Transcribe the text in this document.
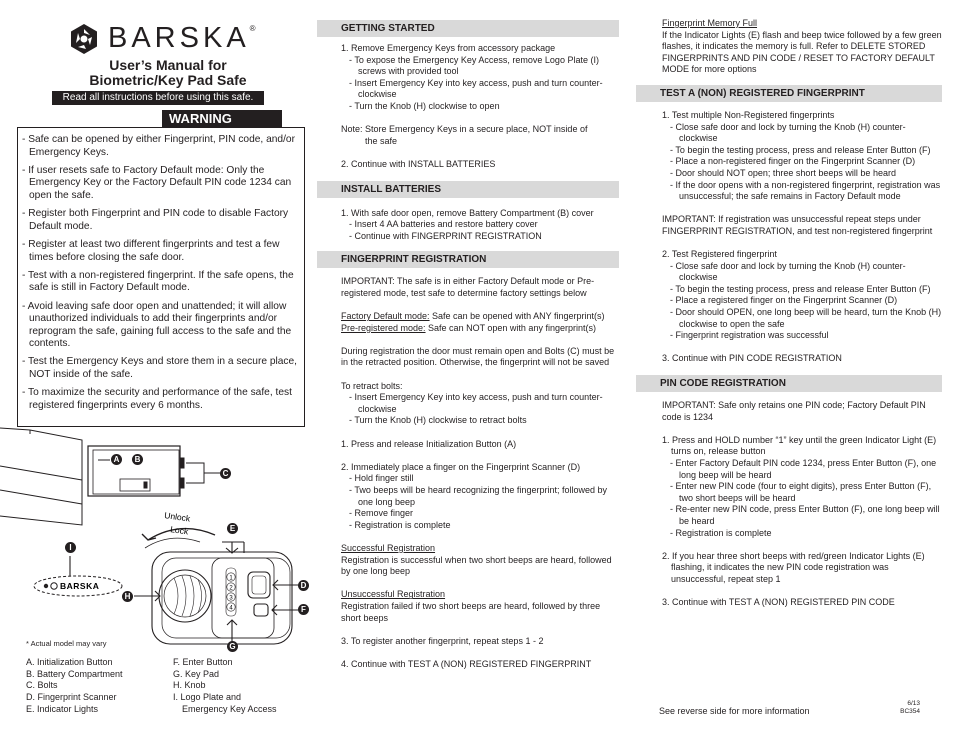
BARSKA ®
User’s Manual for
Biometric/Key Pad Safe
Read all instructions before using this safe.
WARNING

- Safe can be opened by either Fingerprint, PIN code, and/or Emergency Keys.

- If user resets safe to Factory Default mode: Only the Emergency Key or the Factory Default PIN code 1234 can open the safe.

- Register both Fingerprint and PIN code to disable Factory Default mode.

- Register at least two different fingerprints and test a few times before closing the safe door.

- Test with a non-registered fingerprint. If the safe opens, the safe is still in Factory Default mode.

- Avoid leaving safe door open and unattended; it will allow unauthorized individuals to add their fingerprints and/or reprogram the safe, gaining full access to the safe and the contents.

- Test the Emergency Keys and store them in a secure place, NOT inside of the safe.

- To maximize the security and performance of the safe, test registered fingerprints every 6 months.

1
2
3
4
Unlock
Lock
BARSKA
A	B
C
D
E
F
G
H
I
* Actual model may vary
A. Initialization Button
B. Battery Compartment
C. Bolts
D. Fingerprint Scanner
E. Indicator Lights
F. Enter Button
G. Key Pad
H. Knob
I. Logo Plate and
Emergency Key Access
GETTING STARTED

1. Remove Emergency Keys from accessory package

- To expose the Emergency Key Access, remove Logo Plate (I) screws with provided tool

- Insert Emergency Key into key access, push and turn counter-clockwise

- Turn the Knob (H) clockwise to open

Note: Store Emergency Keys in a secure place, NOT inside of

the safe

2. Continue with INSTALL BATTERIES

INSTALL BATTERIES

1. With safe door open, remove Battery Compartment (B) cover

- Insert 4 AA batteries and restore battery cover

- Continue with FINGERPRINT REGISTRATION

FINGERPRINT REGISTRATION

IMPORTANT: The safe is in either Factory Default mode or Pre-registered mode, test safe to determine factory settings below

Factory Default mode: Safe can be opened with ANY fingerprint(s)

Pre-registered mode: Safe can NOT open with any fingerprint(s)

During registration the door must remain open and Bolts (C) must be in the retracted position. Otherwise, the fingerprint will not be saved

To retract bolts:

- Insert Emergency Key into key access, push and turn counter-clockwise

- Turn the Knob (H) clockwise to retract bolts

1. Press and release Initialization Button (A)

2. Immediately place a finger on the Fingerprint Scanner (D)

- Hold finger still

- Two beeps will be heard recognizing the fingerprint; followed by one long beep

- Remove finger

- Registration is complete

Successful Registration

Registration is successful when two short beeps are heard, followed by one long beep

Unsuccessful Registration

Registration failed if two short beeps are heard, followed by three short beeps

3. To register another fingerprint, repeat steps 1 - 2

4. Continue with TEST A (NON) REGISTERED FINGERPRINT

Fingerprint Memory Full

If the Indicator Lights (E) flash and beep twice followed by a few green flashes, it indicates the memory is full. Refer to DELETE STORED FINGERPRINTS AND PIN CODE / RESET TO FACTORY DEFAULT MODE for more options

TEST A (NON) REGISTERED FINGERPRINT

1. Test multiple Non-Registered fingerprints

- Close safe door and lock by turning the Knob (H) counter-clockwise

- To begin the testing process, press and release Enter Button (F)

- Place a non-registered finger on the Fingerprint Scanner (D)

- Door should NOT open; three short beeps will be heard

- If the door opens with a non-registered fingerprint, registration was unsuccessful; the safe remains in Factory Default mode

IMPORTANT: If registration was unsuccessful repeat steps under FINGERPRINT REGISTRATION, and test non-registered fingerprint

2. Test Registered fingerprint

- Close safe door and lock by turning the Knob (H) counter-clockwise

- To begin the testing process, press and release Enter Button (F)

- Place a registered finger on the Fingerprint Scanner (D)

- Door should OPEN, one long beep will be heard, turn the Knob (H) clockwise to open the safe

- Fingerprint registration was successful

3. Continue with PIN CODE REGISTRATION

PIN CODE REGISTRATION

IMPORTANT: Safe only retains one PIN code; Factory Default PIN code is 1234

1. Press and HOLD number “1” key until the green Indicator Light (E) turns on, release button

- Enter Factory Default PIN code 1234, press Enter Button (F), one long beep will be heard

- Enter new PIN code (four to eight digits), press Enter Button (F), two short beeps will be heard

- Re-enter new PIN code, press Enter Button (F), one long beep will be heard

- Registration is complete

2. If you hear three short beeps with red/green Indicator Lights (E) flashing, it indicates the new PIN code registration was unsuccessful, repeat step 1

3. Continue with TEST A (NON) REGISTERED PIN CODE

See reverse side for more information
6/13
BC354
